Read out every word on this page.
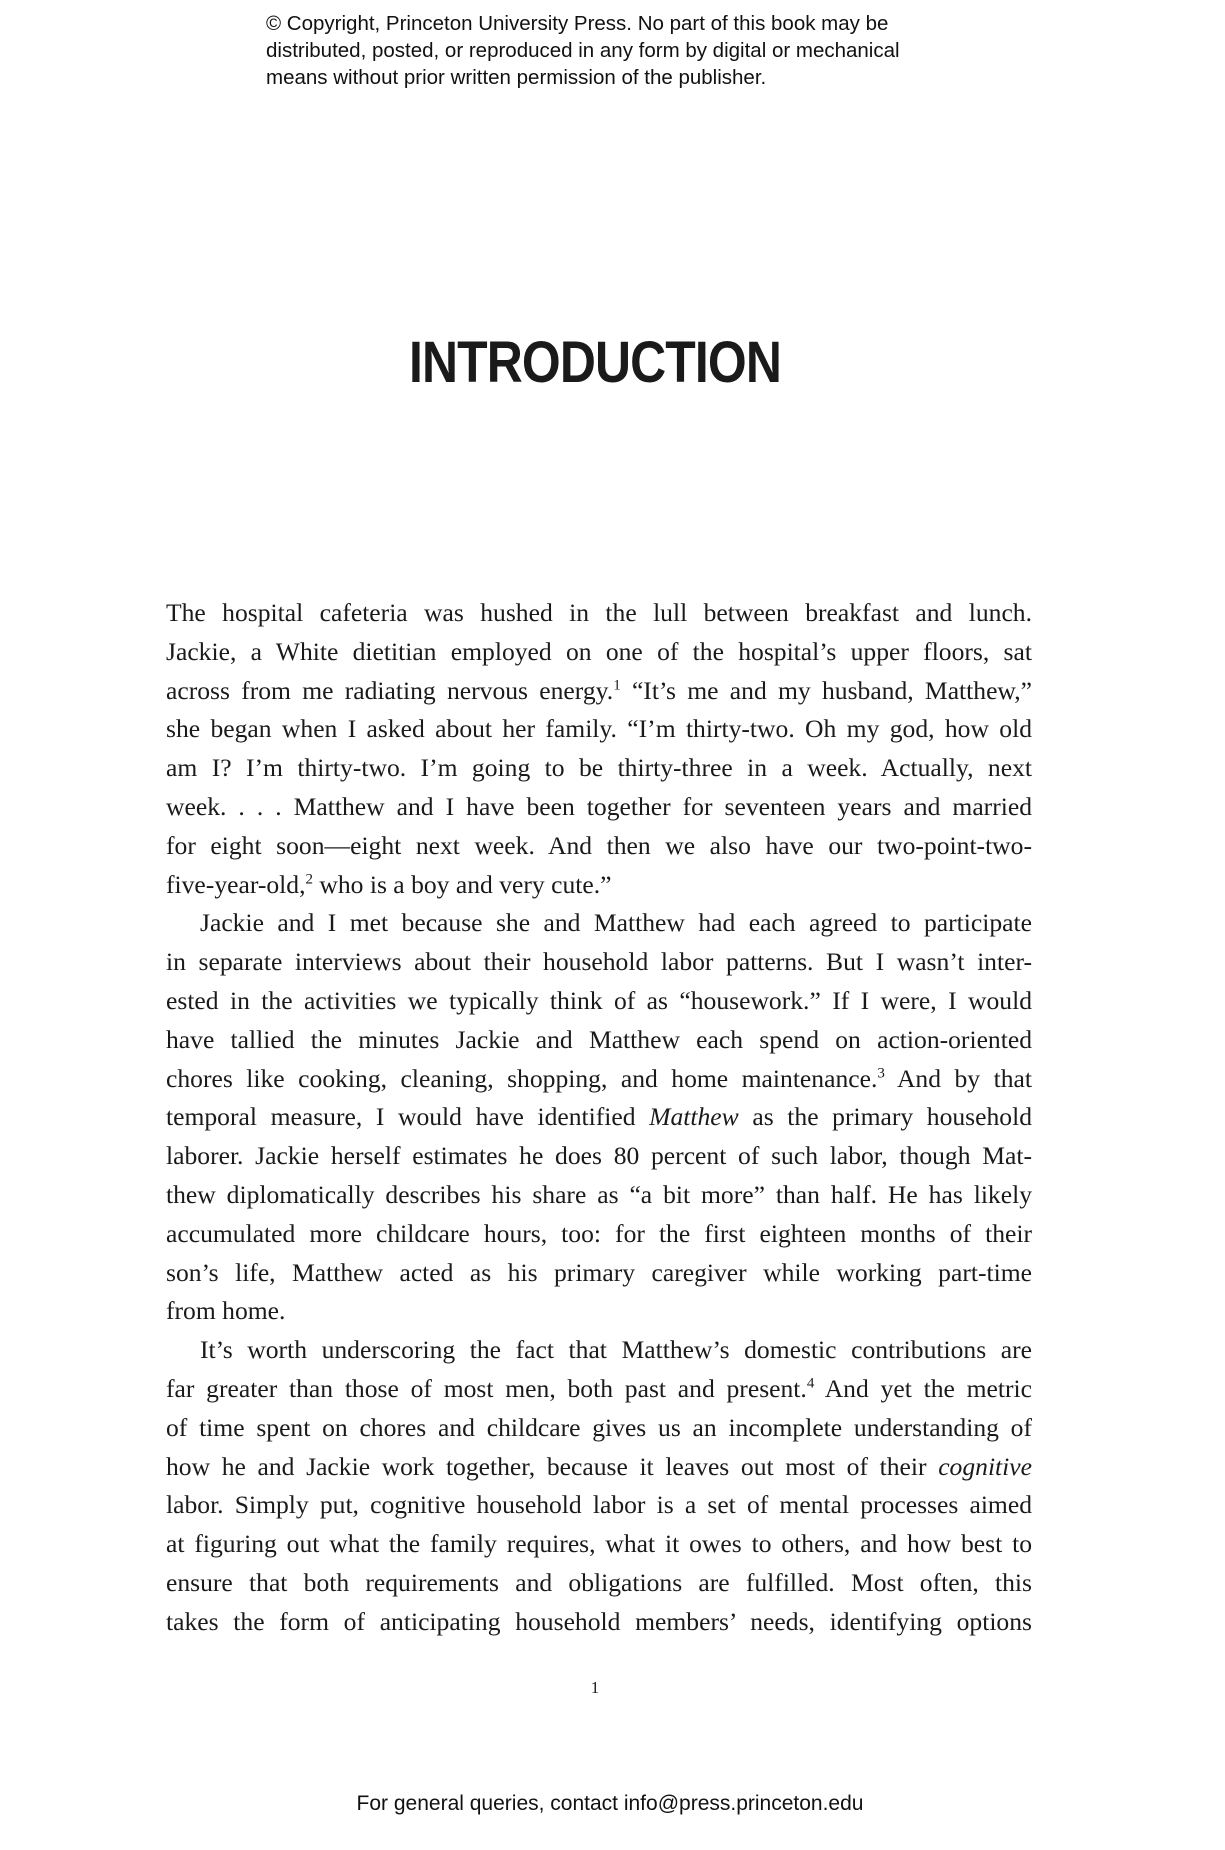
© Copyright, Princeton University Press. No part of this book may be
distributed, posted, or reproduced in any form by digital or mechanical
means without prior written permission of the publisher.
INTRODUCTION
The hospital cafeteria was hushed in the lull between breakfast and lunch.
Jackie, a White dietitian employed on one of the hospital’s upper floors, sat
across from me radiating nervous energy.$^1$ “It’s me and my husband, Matthew,”
she began when I asked about her family. “I’m thirty-two. Oh my god, how old
am I? I’m thirty-two. I’m going to be thirty-three in a week. Actually, next
week. . . . Matthew and I have been together for seventeen years and married
for eight soon—eight next week. And then we also have our two-point-two-
five-year-old,$^2$ who is a boy and very cute.”
Jackie and I met because she and Matthew had each agreed to participate
in separate interviews about their household labor patterns. But I wasn’t inter-
ested in the activities we typically think of as “housework.” If I were, I would
have tallied the minutes Jackie and Matthew each spend on action-oriented
chores like cooking, cleaning, shopping, and home maintenance.$^3$ And by that
temporal measure, I would have identified Matthew as the primary household
laborer. Jackie herself estimates he does 80 percent of such labor, though Mat-
thew diplomatically describes his share as “a bit more” than half. He has likely
accumulated more childcare hours, too: for the first eighteen months of their
son’s life, Matthew acted as his primary caregiver while working part-time
from home.
It’s worth underscoring the fact that Matthew’s domestic contributions are
far greater than those of most men, both past and present.$^4$ And yet the metric
of time spent on chores and childcare gives us an incomplete understanding of
how he and Jackie work together, because it leaves out most of their cognitive
labor. Simply put, cognitive household labor is a set of mental processes aimed
at figuring out what the family requires, what it owes to others, and how best to
ensure that both requirements and obligations are fulfilled. Most often, this
takes the form of anticipating household members’ needs, identifying options
1
For general queries, contact info@press.princeton.edu
